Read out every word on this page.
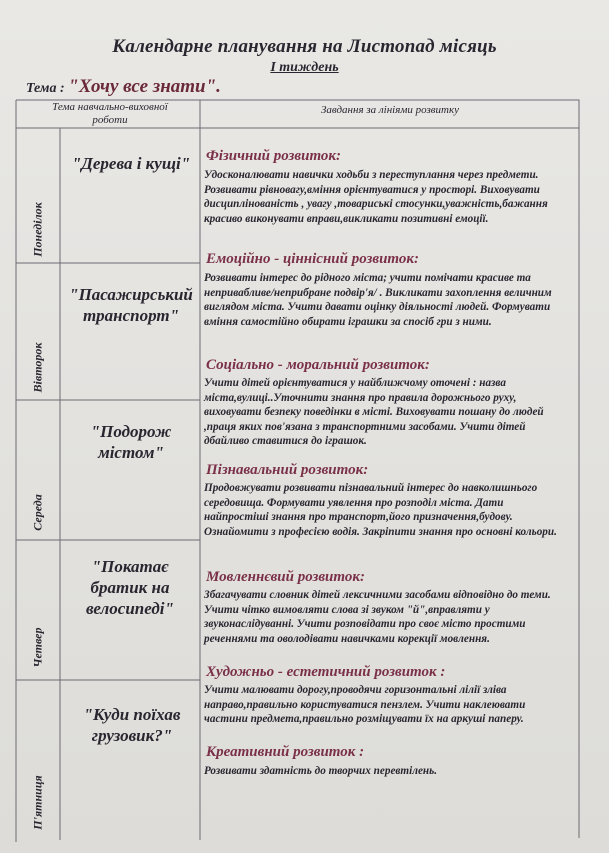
Календарне планування на Листопад місяць
І тиждень
Тема : "Хочу все знати".
Тема навчально-виховної роботи
Завдання за лініями розвитку
Понеділок
Вівторок
Середа
Четвер
П'ятниця
"Дерева і кущі"
"Пасажирський транспорт"
"Подорож містом"
"Покатає братик на велосипеді"
"Куди поїхав грузовик?"
Фізичний розвиток:
Удосконалювати навички ходьби з переступлання через предмети. Розвивати рівновагу,вміння орієнтуватися у просторі. Виховувати дисциплінованість , увагу ,товариські стосунки,уважність,бажання красиво виконувати вправи,викликати позитивні емоції.
Емоційно - ціннісний розвиток:
Розвивати інтерес до рідного міста; учити помічати красиве та непривабливе/неприбране подвір'я/ . Викликати захоплення величним виглядом міста. Учити давати оцінку діяльності людей. Формувати вміння самостійно обирати іграшки за спосіб гри з ними.
Соціально - моральний розвиток:
Учити дітей орієнтуватися у найближчому оточені : назва міста,вулиці..Уточнити знання про правила дорожнього руху, виховувати безпеку поведінки в місті. Виховувати пошану до людей ,праця яких пов'язана з транспортними засобами. Учити дітей дбайливо ставитися до іграшок.
Пізнавальний розвиток:
Продовжувати розвивати пізнавальний інтерес до навколишнього середовища. Формувати уявлення про розподіл міста. Дати найпростіші знання про транспорт,його призначення,будову. Ознайомити з професією водія. Закріпити знання про основні кольори.
Мовленнєвий розвиток:
Збагачувати словник дітей лексичними засобами відповідно до теми. Учити чітко вимовляти слова зі звуком "й",вправляти у звуконаслідуванні. Учити розповідати про своє місто простими реченнями та оволодівати навичками корекції мовлення.
Художньо - естетичний розвиток :
Учити малювати дорогу,проводячи горизонтальні лілії зліва направо,правильно користуватися пензлем. Учити наклеювати частини предмета,правильно розміщувати їх на аркуші паперу.
Креативний розвиток :
Розвивати здатність до творчих перевтілень.
